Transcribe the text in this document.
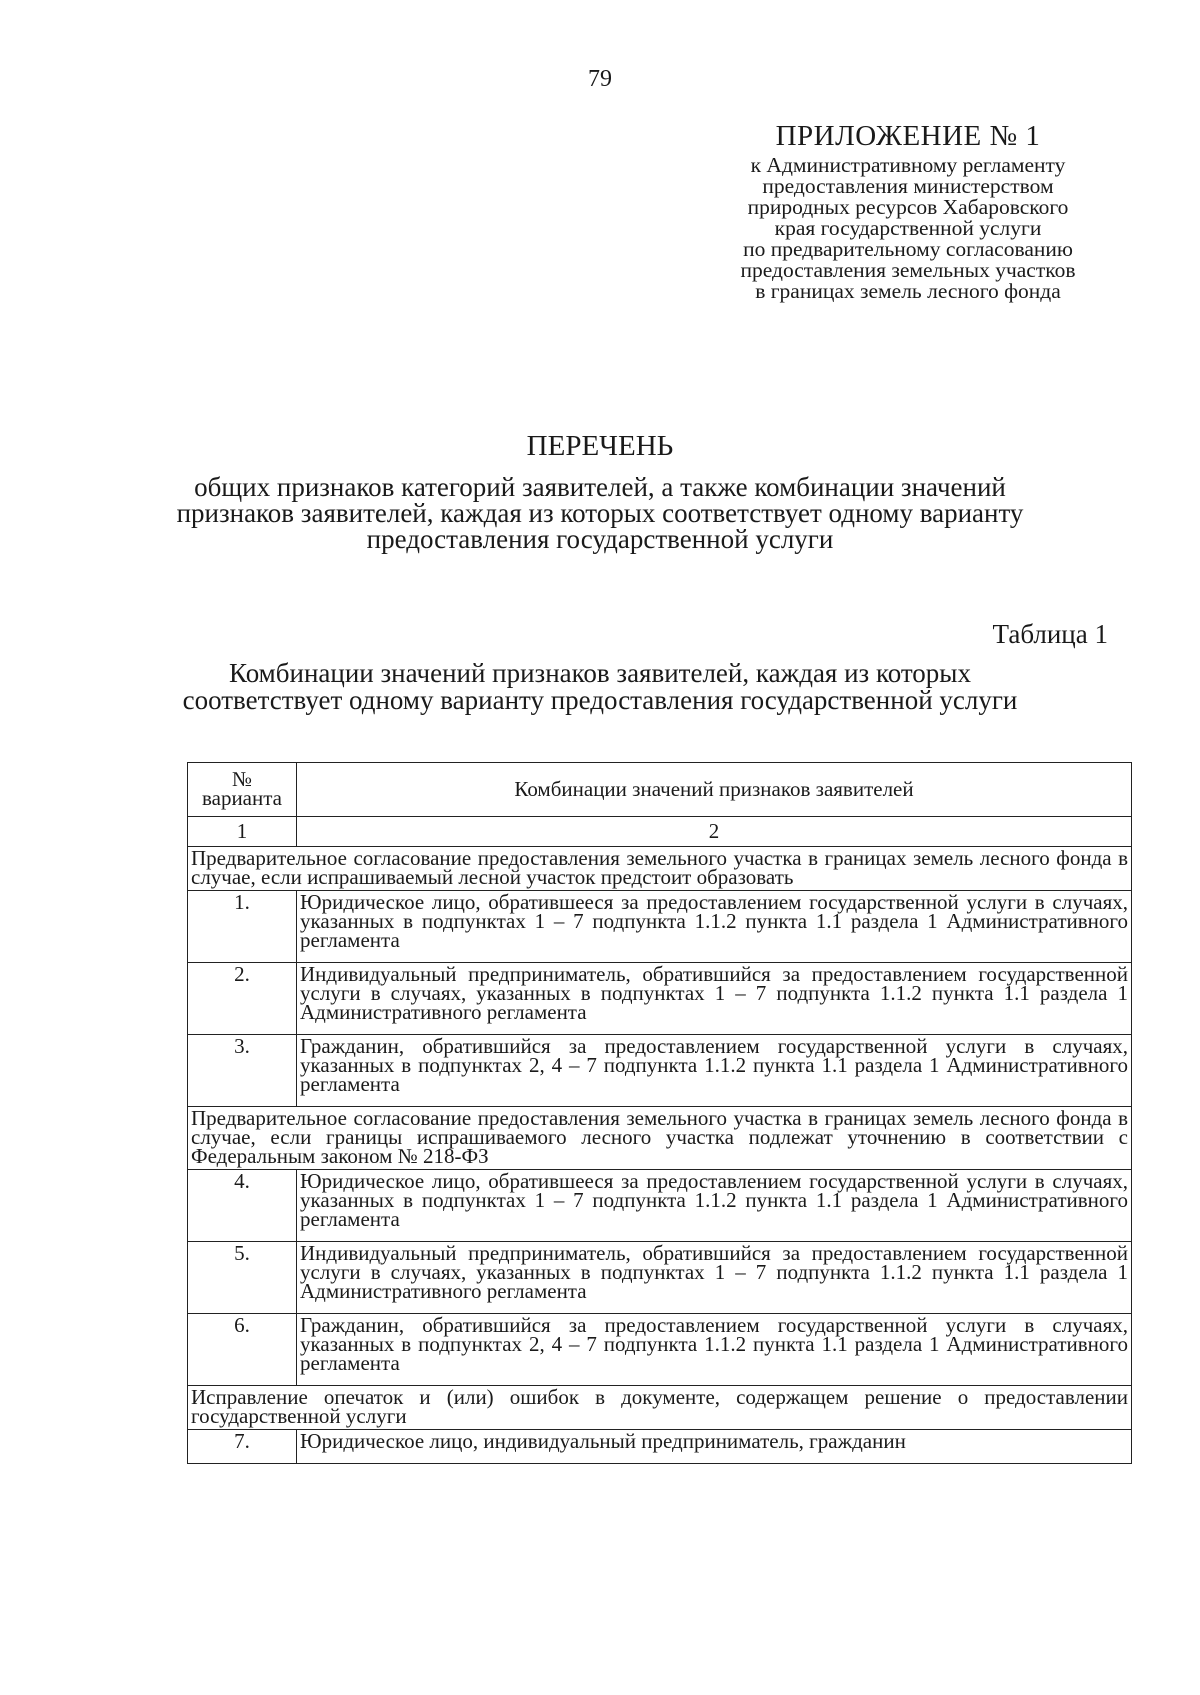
79
ПРИЛОЖЕНИЕ № 1
к Административному регламенту
предоставления министерством
природных ресурсов Хабаровского
края государственной услуги
по предварительному согласованию
предоставления земельных участков
в границах земель лесного фонда
ПЕРЕЧЕНЬ
общих признаков категорий заявителей, а также комбинации значений
признаков заявителей, каждая из которых соответствует одному варианту
предоставления государственной услуги
Таблица 1
Комбинации значений признаков заявителей, каждая из которых
соответствует одному варианту предоставления государственной услуги
№ варианта	Комбинации значений признаков заявителей
1	2
Предварительное согласование предоставления земельного участка в границах земель лесного фонда в случае, если испрашиваемый лесной участок предстоит образовать	
1.	Юридическое лицо, обратившееся за предоставлением государственной услуги в случаях, указанных в подпунктах 1 – 7 подпункта 1.1.2 пункта 1.1 раздела 1 Административного регламента
2.	Индивидуальный предприниматель, обратившийся за предоставлением государственной услуги в случаях, указанных в подпунктах 1 – 7 подпункта 1.1.2 пункта 1.1 раздела 1 Административного регламента
3.	Гражданин, обратившийся за предоставлением государственной услуги в случаях, указанных в подпунктах 2, 4 – 7 подпункта 1.1.2 пункта 1.1 раздела 1 Административного регламента
Предварительное согласование предоставления земельного участка в границах земель лесного фонда в случае, если границы испрашиваемого лесного участка подлежат уточнению в соответствии с Федеральным законом № 218-ФЗ	
4.	Юридическое лицо, обратившееся за предоставлением государственной услуги в случаях, указанных в подпунктах 1 – 7 подпункта 1.1.2 пункта 1.1 раздела 1 Административного регламента
5.	Индивидуальный предприниматель, обратившийся за предоставлением государственной услуги в случаях, указанных в подпунктах 1 – 7 подпункта 1.1.2 пункта 1.1 раздела 1 Административного регламента
6.	Гражданин, обратившийся за предоставлением государственной услуги в случаях, указанных в подпунктах 2, 4 – 7 подпункта 1.1.2 пункта 1.1 раздела 1 Административного регламента
Исправление опечаток и (или) ошибок в документе, содержащем решение о предоставлении государственной услуги	
7.	Юридическое лицо, индивидуальный предприниматель, гражданин
